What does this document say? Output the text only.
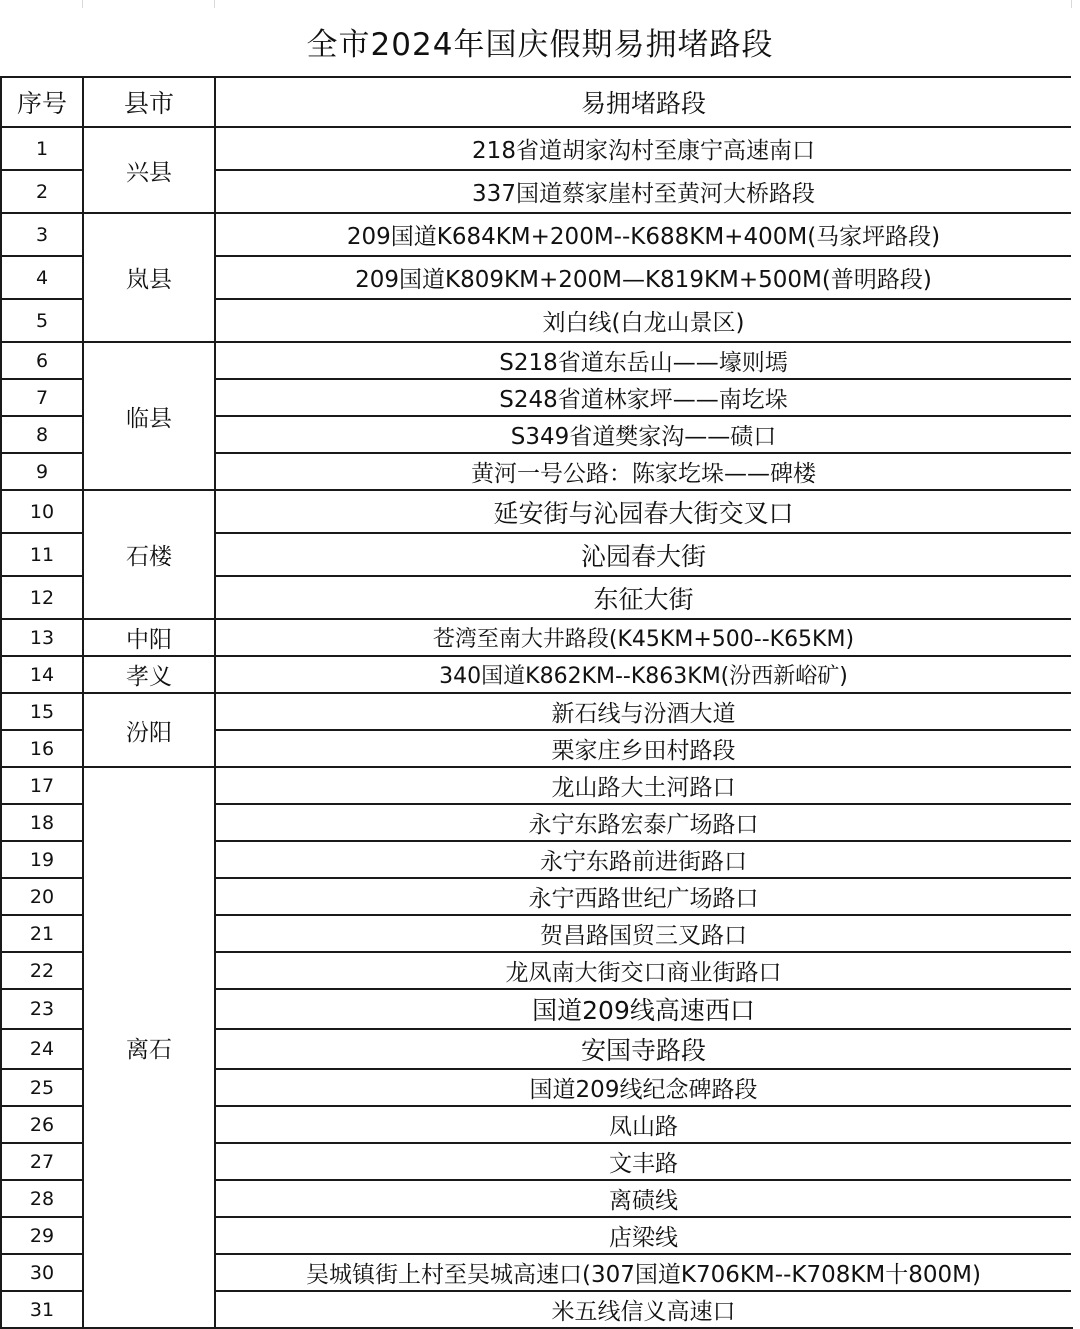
全市2024年国庆假期易拥堵路段
序号	县市	易拥堵路段
1	兴县	218省道胡家沟村至康宁高速南口
2		337国道蔡家崖村至黄河大桥路段
3	岚县	209国道K684KM+200M--K688KM+400M(马家坪路段)
4		209国道K809KM+200M—K819KM+500M(普明路段)
5		刘白线(白龙山景区)
6	临县	S218省道东岳山——壕则墕
7		S248省道林家坪——南圪垛
8		S349省道樊家沟——碛口
9		黄河一号公路：陈家圪垛——碑楼
10	石楼	延安街与沁园春大街交叉口
11		沁园春大街
12		东征大街
13	中阳	苍湾至南大井路段(K45KM+500--K65KM)
14	孝义	340国道K862KM--K863KM(汾西新峪矿)
15	汾阳	新石线与汾酒大道
16		栗家庄乡田村路段
17	离石	龙山路大土河路口
18		永宁东路宏泰广场路口
19		永宁东路前进街路口
20		永宁西路世纪广场路口
21		贺昌路国贸三叉路口
22		龙凤南大街交口商业街路口
23		国道209线高速西口
24		安国寺路段
25		国道209线纪念碑路段
26		凤山路
27		文丰路
28		离碛线
29		店梁线
30		吴城镇街上村至吴城高速口(307国道K706KM--K708KM十800M)
31		米五线信义高速口
